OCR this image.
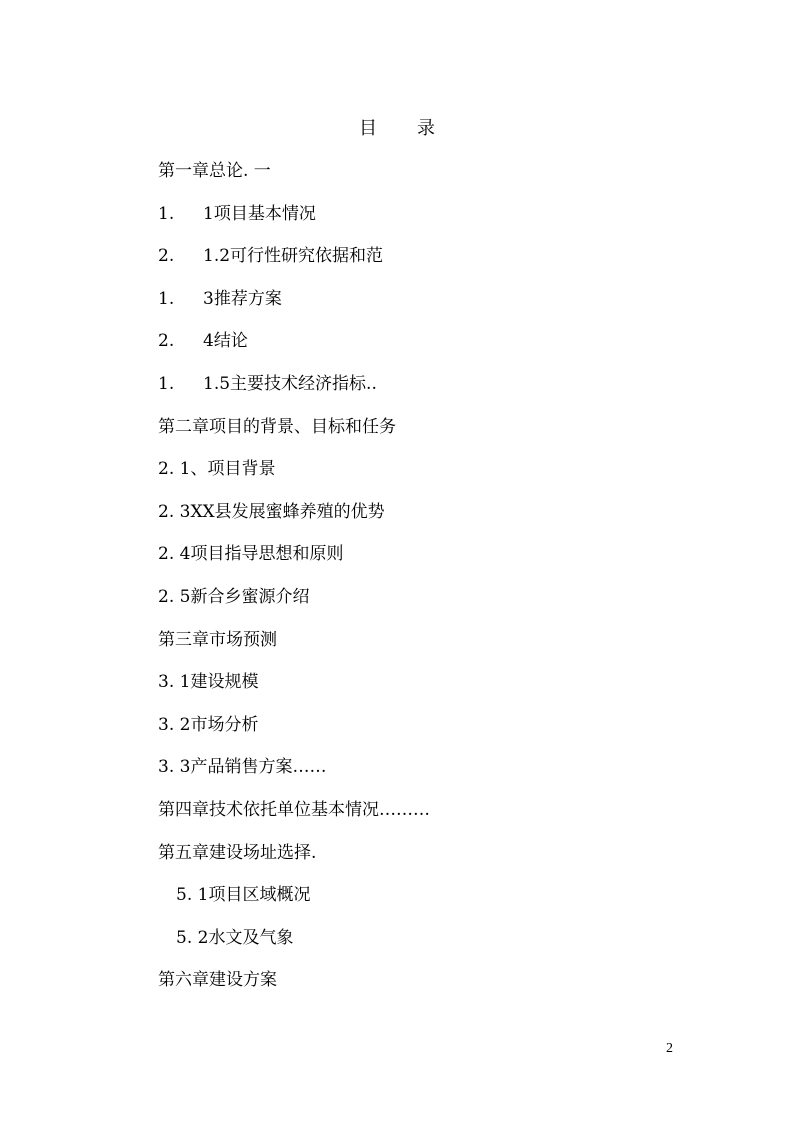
目 录
第一章总论. 一
1. 1项目基本情况
2. 1.2可行性研究依据和范
1. 3推荐方案
2. 4结论
1. 1.5主要技术经济指标..
第二章项目的背景、目标和任务
2. 1、项目背景
2. 3XX县发展蜜蜂养殖的优势
2. 4项目指导思想和原则
2. 5新合乡蜜源介绍
第三章市场预测
3. 1建设规模
3. 2市场分析
3. 3产品销售方案……
第四章技术依托单位基本情况………
第五章建设场址选择.
5. 1项目区域概况
5. 2水文及气象
第六章建设方案
2
